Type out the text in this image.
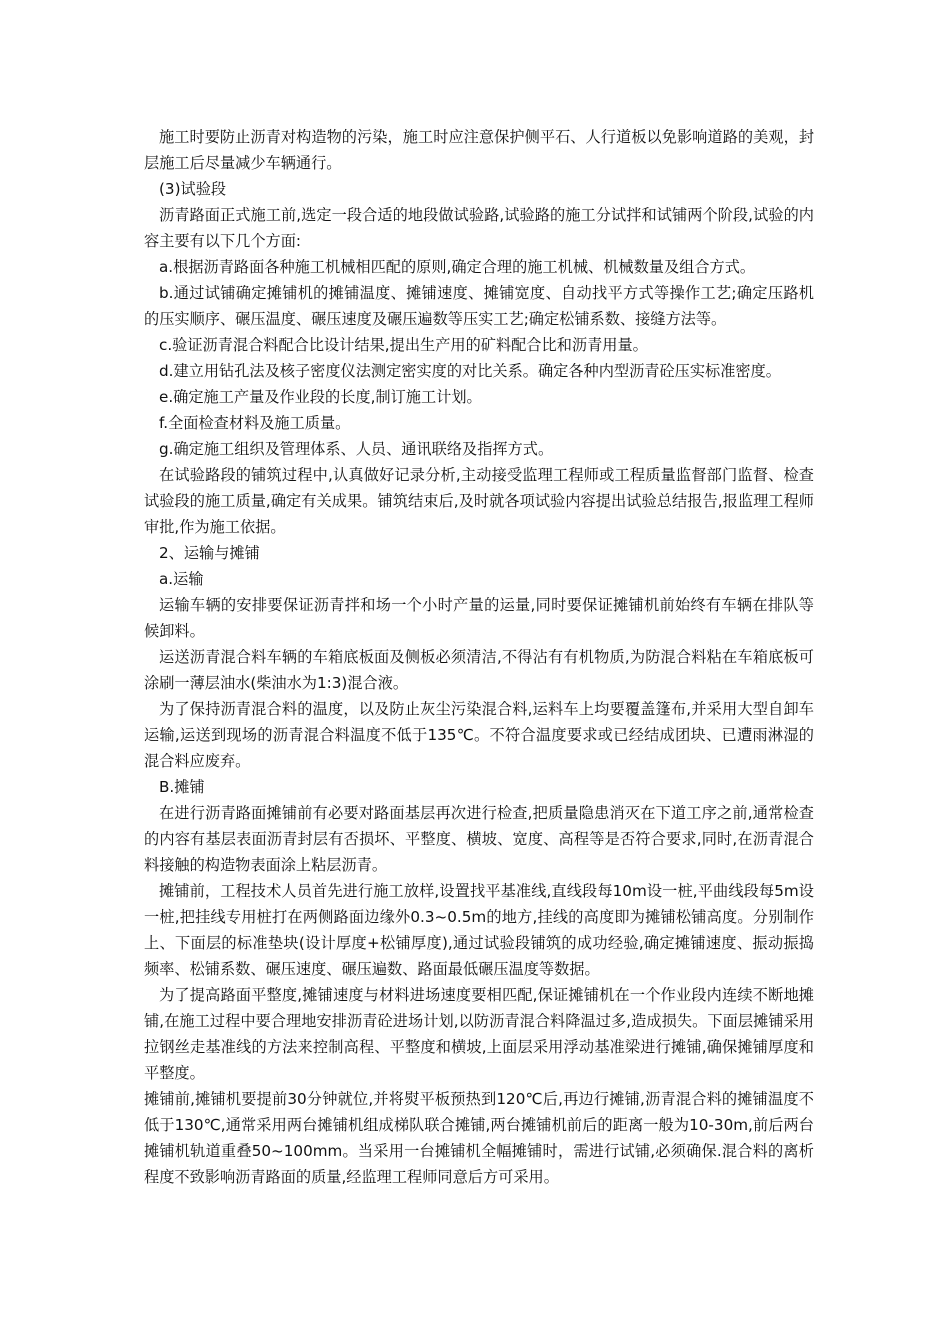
施工时要防止沥青对构造物的污染，施工时应注意保护侧平石、人行道板以免影响道路的美观，封层施工后尽量减少车辆通行。

(3)试验段

沥青路面正式施工前,选定一段合适的地段做试验路,试验路的施工分试拌和试铺两个阶段,试验的内容主要有以下几个方面:

a.根据沥青路面各种施工机械相匹配的原则,确定合理的施工机械、机械数量及组合方式。

b.通过试铺确定摊铺机的摊铺温度、摊铺速度、摊铺宽度、自动找平方式等操作工艺;确定压路机的压实顺序、碾压温度、碾压速度及碾压遍数等压实工艺;确定松铺系数、接缝方法等。

c.验证沥青混合料配合比设计结果,提出生产用的矿料配合比和沥青用量。

d.建立用钻孔法及核子密度仪法测定密实度的对比关系。确定各种内型沥青砼压实标准密度。

e.确定施工产量及作业段的长度,制订施工计划。

f.全面检查材料及施工质量。

g.确定施工组织及管理体系、人员、通讯联络及指挥方式。

在试验路段的铺筑过程中,认真做好记录分析,主动接受监理工程师或工程质量监督部门监督、检查试验段的施工质量,确定有关成果。铺筑结束后,及时就各项试验内容提出试验总结报告,报监理工程师审批,作为施工依据。

2、运输与摊铺

a.运输

运输车辆的安排要保证沥青拌和场一个小时产量的运量,同时要保证摊铺机前始终有车辆在排队等候卸料。

运送沥青混合料车辆的车箱底板面及侧板必须清洁,不得沾有有机物质,为防混合料粘在车箱底板可涂刷一薄层油水(柴油水为1:3)混合液。

为了保持沥青混合料的温度，以及防止灰尘污染混合料,运料车上均要覆盖篷布,并采用大型自卸车运输,运送到现场的沥青混合料温度不低于135℃。不符合温度要求或已经结成团块、已遭雨淋湿的混合料应废弃。

B.摊铺

在进行沥青路面摊铺前有必要对路面基层再次进行检查,把质量隐患消灭在下道工序之前,通常检查的内容有基层表面沥青封层有否损坏、平整度、横坡、宽度、高程等是否符合要求,同时,在沥青混合料接触的构造物表面涂上粘层沥青。

摊铺前，工程技术人员首先进行施工放样,设置找平基准线,直线段每10m设一桩,平曲线段每5m设一桩,把挂线专用桩打在两侧路面边缘外0.3~0.5m的地方,挂线的高度即为摊铺松铺高度。分别制作上、下面层的标准垫块(设计厚度+松铺厚度),通过试验段铺筑的成功经验,确定摊铺速度、振动振捣频率、松铺系数、碾压速度、碾压遍数、路面最低碾压温度等数据。

为了提高路面平整度,摊铺速度与材料进场速度要相匹配,保证摊铺机在一个作业段内连续不断地摊铺,在施工过程中要合理地安排沥青砼进场计划,以防沥青混合料降温过多,造成损失。下面层摊铺采用拉钢丝走基准线的方法来控制高程、平整度和横坡,上面层采用浮动基准梁进行摊铺,确保摊铺厚度和平整度。

摊铺前,摊铺机要提前30分钟就位,并将熨平板预热到120℃后,再边行摊铺,沥青混合料的摊铺温度不低于130℃,通常采用两台摊铺机组成梯队联合摊铺,两台摊铺机前后的距离一般为10-30m,前后两台摊铺机轨道重叠50~100mm。当采用一台摊铺机全幅摊铺时，需进行试铺,必须确保.混合料的离析程度不致影响沥青路面的质量,经监理工程师同意后方可采用。
